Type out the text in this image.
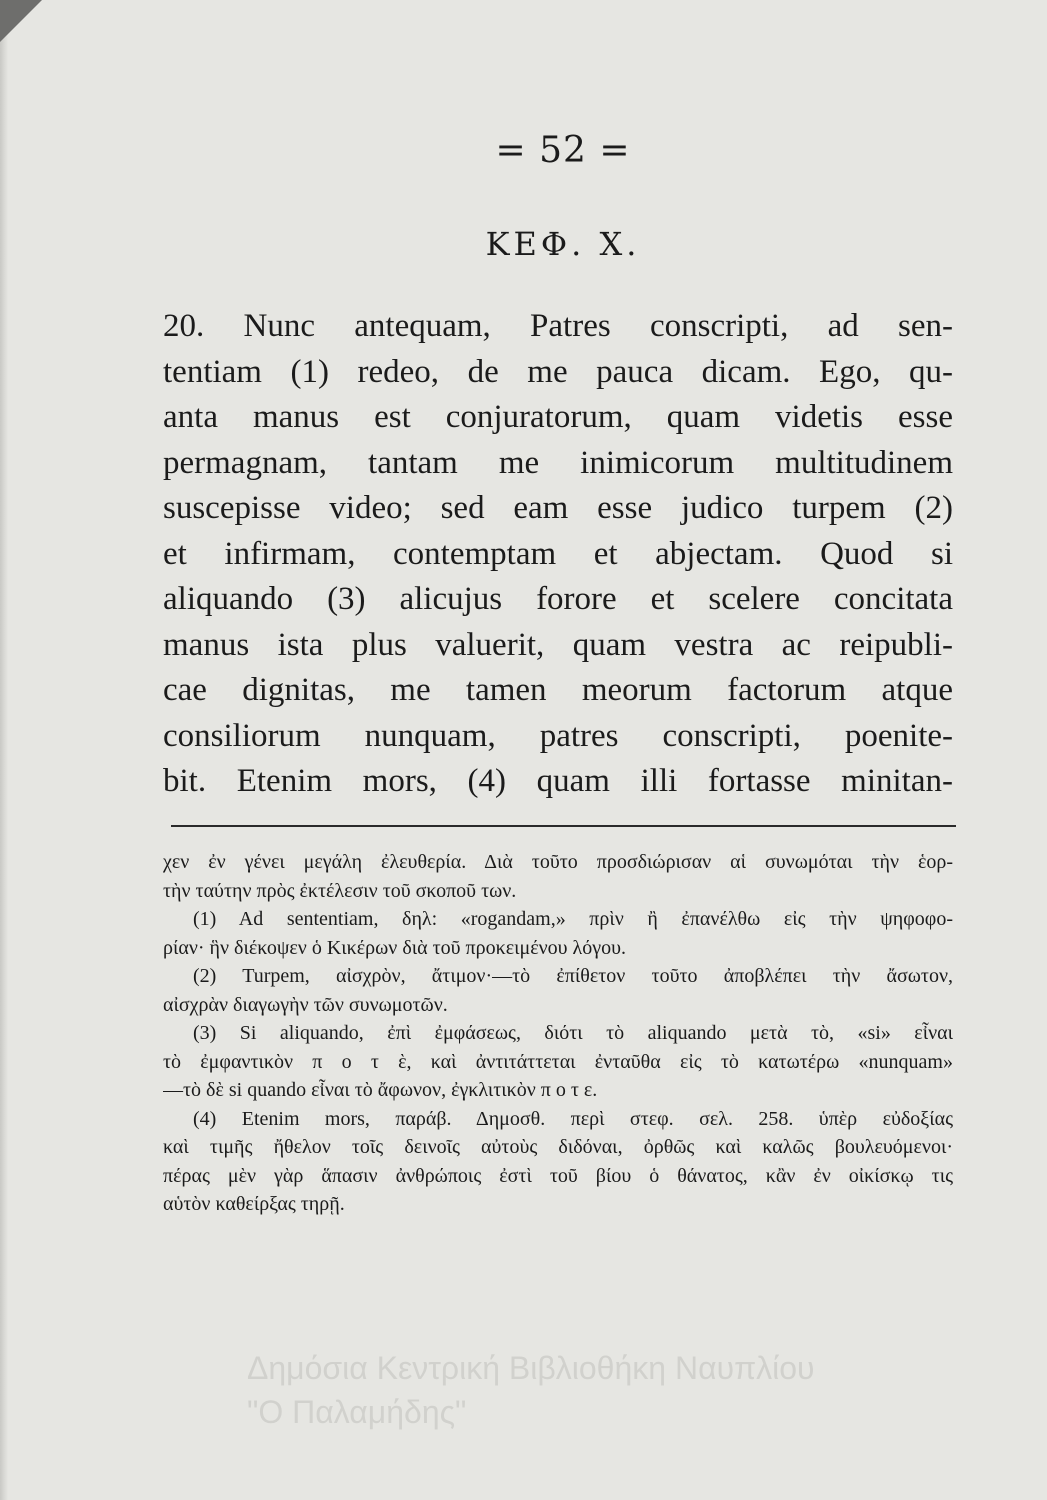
= 52 =
ΚΕΦ. Χ.
20. Nunc antequam, Patres conscripti, ad sen-
tentiam (1) redeo, de me pauca dicam. Ego, qu-
anta manus est conjuratorum, quam videtis esse
permagnam, tantam me inimicorum multitudinem
suscepisse video; sed eam esse judico turpem (2)
et infirmam, contemptam et abjectam. Quod si
aliquando (3) alicujus forore et scelere concitata
manus ista plus valuerit, quam vestra ac reipubli-
cae dignitas, me tamen meorum factorum atque
consiliorum nunquam, patres conscripti, poenite-
bit. Etenim mors, (4) quam illi fortasse minitan-
χεν ἐν γένει μεγάλη ἐλευθερία. Διὰ τοῦτο προσδιώρισαν αἱ συνωμόται τὴν ἑορ-
τὴν ταύτην πρὸς ἐκτέλεσιν τοῦ σκοποῦ των.
(1) Ad sententiam, δηλ: «rogandam,» πρὶν ἢ ἐπανέλθω εἰς τὴν ψηφοφο-
ρίαν· ἣν διέκοψεν ὁ Κικέρων διὰ τοῦ προκειμένου λόγου.
(2) Turpem, αἰσχρὸν, ἄτιμον·—τὸ ἐπίθετον τοῦτο ἀποβλέπει τὴν ἄσωτον,
αἰσχρὰν διαγωγὴν τῶν συνωμοτῶν.
(3) Si aliquando, ἐπὶ ἐμφάσεως, διότι τὸ aliquando μετὰ τὸ, «si» εἶναι
τὸ ἐμφαντικὸν π ο τ ὲ, καὶ ἀντιτάττεται ἐνταῦθα εἰς τὸ κατωτέρω «nunquam»
—τὸ δὲ si quando εἶναι τὸ ἄφωνον, ἐγκλιτικὸν π ο τ ε.
(4) Etenim mors, παράβ. Δημοσθ. περὶ στεφ. σελ. 258. ὑπὲρ εὐδοξίας
καὶ τιμῆς ἤθελον τοῖς δεινοῖς αὐτοὺς διδόναι, ὀρθῶς καὶ καλῶς βουλευόμενοι·
πέρας μὲν γὰρ ἅπασιν ἀνθρώποις ἐστὶ τοῦ βίου ὁ θάνατος, κἂν ἐν οἰκίσκῳ τις
αὑτὸν καθείρξας τηρῇ.
Δημόσια Κεντρική Βιβλιοθήκη Ναυπλίου
"Ο Παλαμήδης"
